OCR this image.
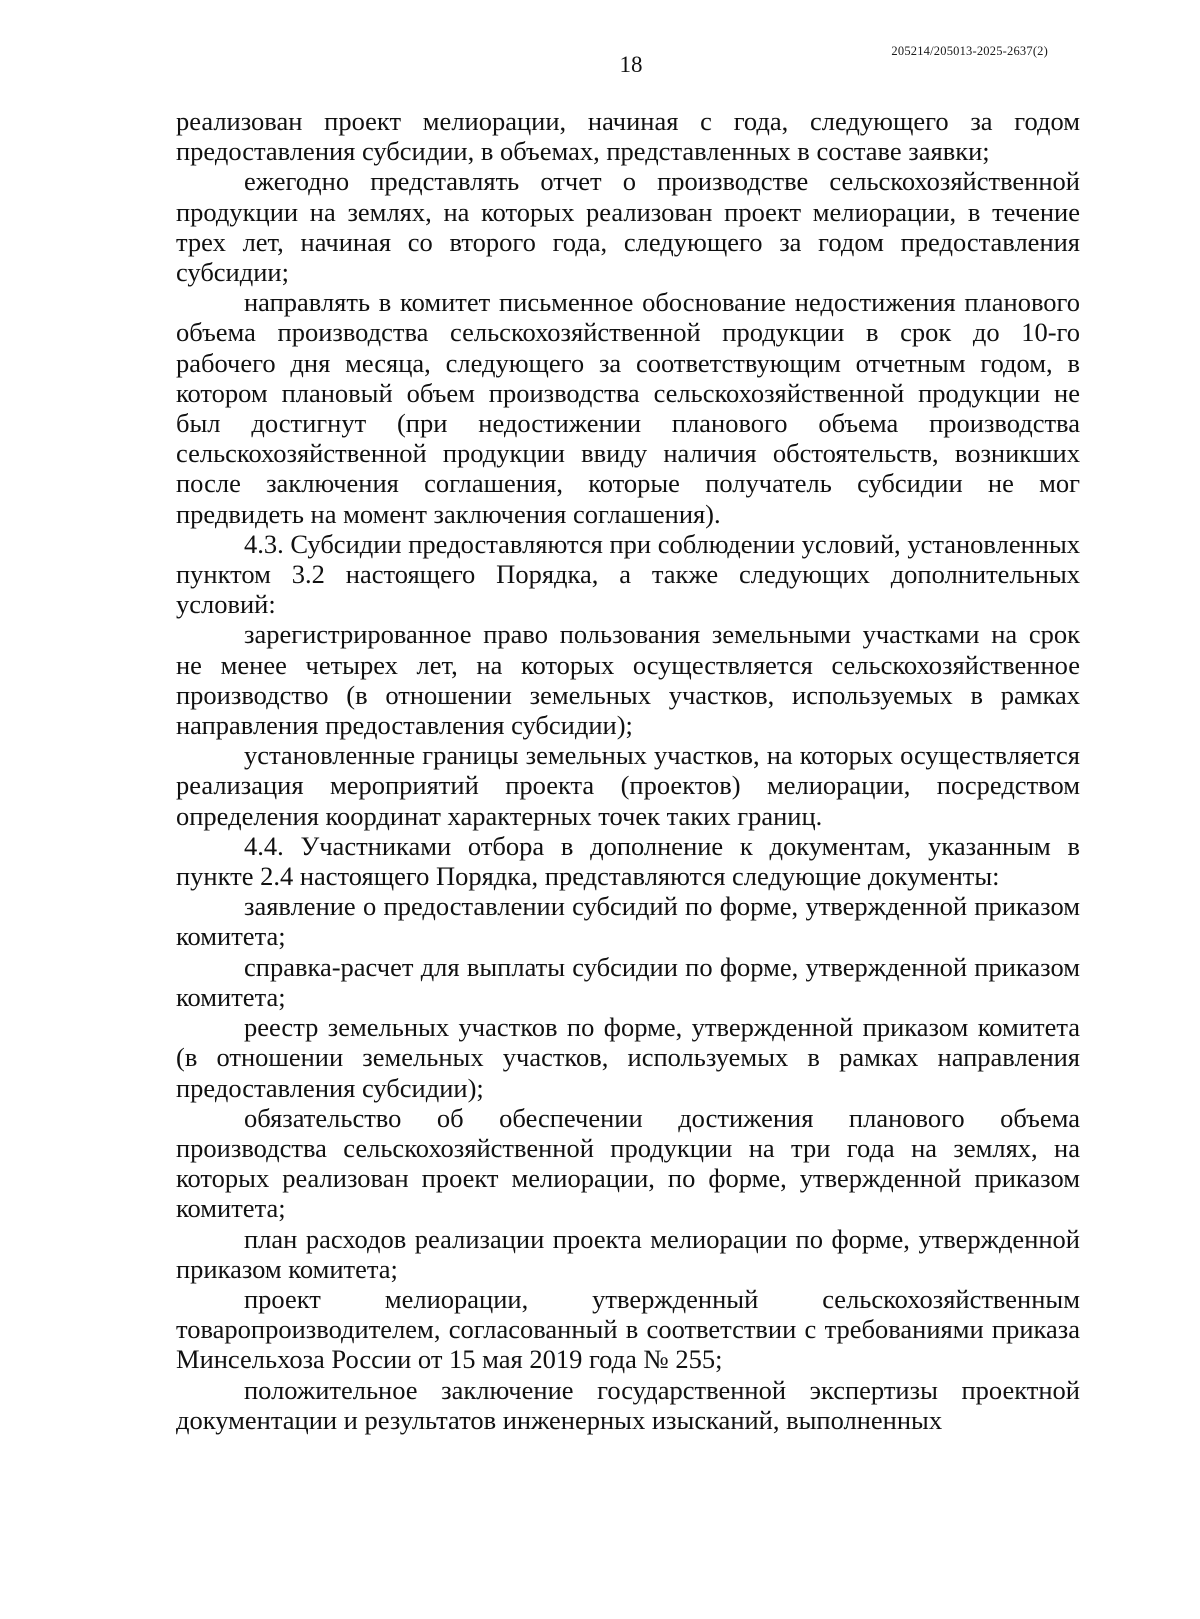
205214/205013-2025-2637(2)
18

реализован проект мелиорации, начиная с года, следующего за годом предоставления субсидии, в объемах, представленных в составе заявки;

ежегодно представлять отчет о производстве сельскохозяйственной продукции на землях, на которых реализован проект мелиорации, в течение трех лет, начиная со второго года, следующего за годом предоставления субсидии;

направлять в комитет письменное обоснование недостижения планового объема производства сельскохозяйственной продукции в срок до 10-го рабочего дня месяца, следующего за соответствующим отчетным годом, в котором плановый объем производства сельскохозяйственной продукции не был достигнут (при недостижении планового объема производства сельскохозяйственной продукции ввиду наличия обстоятельств, возникших после заключения соглашения, которые получатель субсидии не мог предвидеть на момент заключения соглашения).

4.3. Субсидии предоставляются при соблюдении условий, установленных пунктом 3.2 настоящего Порядка, а также следующих дополнительных условий:

зарегистрированное право пользования земельными участками на срок не менее четырех лет, на которых осуществляется сельскохозяйственное производство (в отношении земельных участков, используемых в рамках направления предоставления субсидии);

установленные границы земельных участков, на которых осуществляется реализация мероприятий проекта (проектов) мелиорации, посредством определения координат характерных точек таких границ.

4.4. Участниками отбора в дополнение к документам, указанным в пункте 2.4 настоящего Порядка, представляются следующие документы:

заявление о предоставлении субсидий по форме, утвержденной приказом комитета;

справка-расчет для выплаты субсидии по форме, утвержденной приказом комитета;

реестр земельных участков по форме, утвержденной приказом комитета (в отношении земельных участков, используемых в рамках направления предоставления субсидии);

обязательство об обеспечении достижения планового объема производства сельскохозяйственной продукции на три года на землях, на которых реализован проект мелиорации, по форме, утвержденной приказом комитета;

план расходов реализации проекта мелиорации по форме, утвержденной приказом комитета;

проект мелиорации, утвержденный сельскохозяйственным товаропроизводителем, согласованный в соответствии с требованиями приказа Минсельхоза России от 15 мая 2019 года № 255;

положительное заключение государственной экспертизы проектной документации и результатов инженерных изысканий, выполненных
